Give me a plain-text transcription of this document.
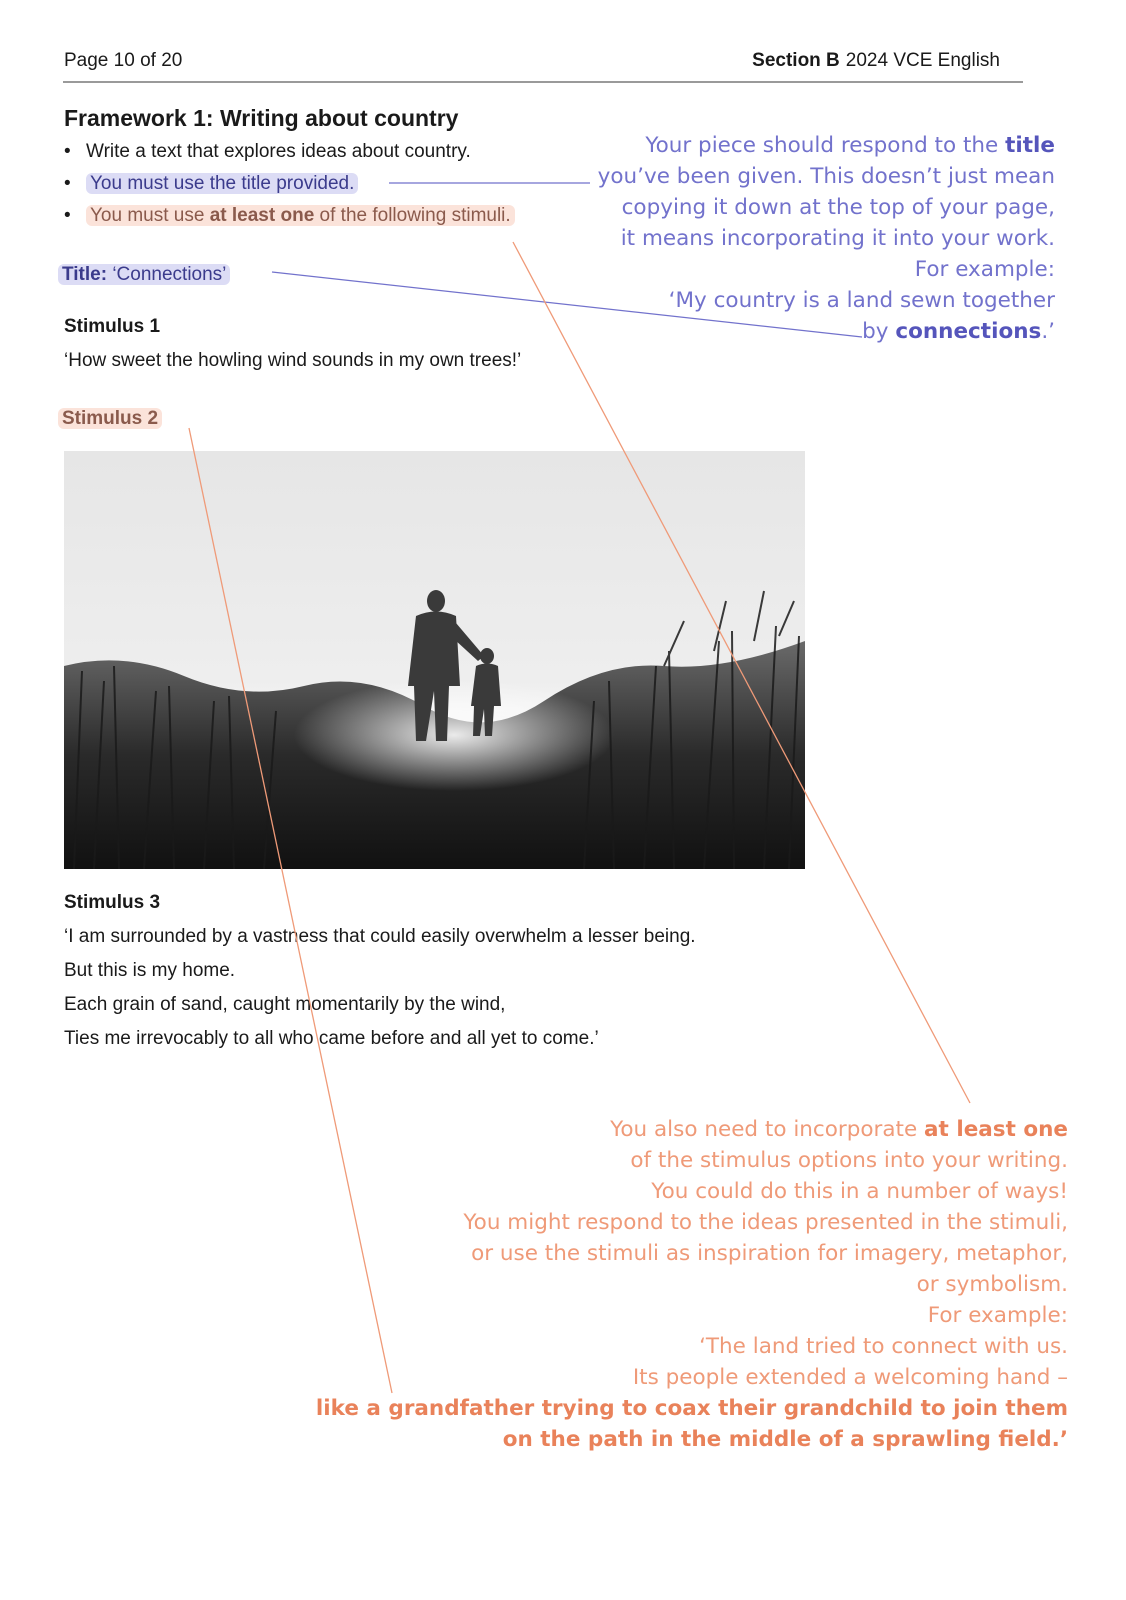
Page 10 of 20	Section B 2024 VCE English
Framework 1: Writing about country
• Write a text that explores ideas about country.
• You must use the title provided.
• You must use at least one of the following stimuli.
Title: ‘Connections’
Stimulus 1
‘How sweet the howling wind sounds in my own trees!’
Stimulus 2
Stimulus 3
‘I am surrounded by a vastness that could easily overwhelm a lesser being.
But this is my home.
Each grain of sand, caught momentarily by the wind,
Ties me irrevocably to all who came before and all yet to come.’
Your piece should respond to the title
you’ve been given. This doesn’t just mean
copying it down at the top of your page,
it means incorporating it into your work.
For example:
‘My country is a land sewn together
by connections.’
You also need to incorporate at least one
of the stimulus options into your writing.
You could do this in a number of ways!
You might respond to the ideas presented in the stimuli,
or use the stimuli as inspiration for imagery, metaphor,
or symbolism.
For example:
‘The land tried to connect with us.
Its people extended a welcoming hand –
like a grandfather trying to coax their grandchild to join them
on the path in the middle of a sprawling field.’
